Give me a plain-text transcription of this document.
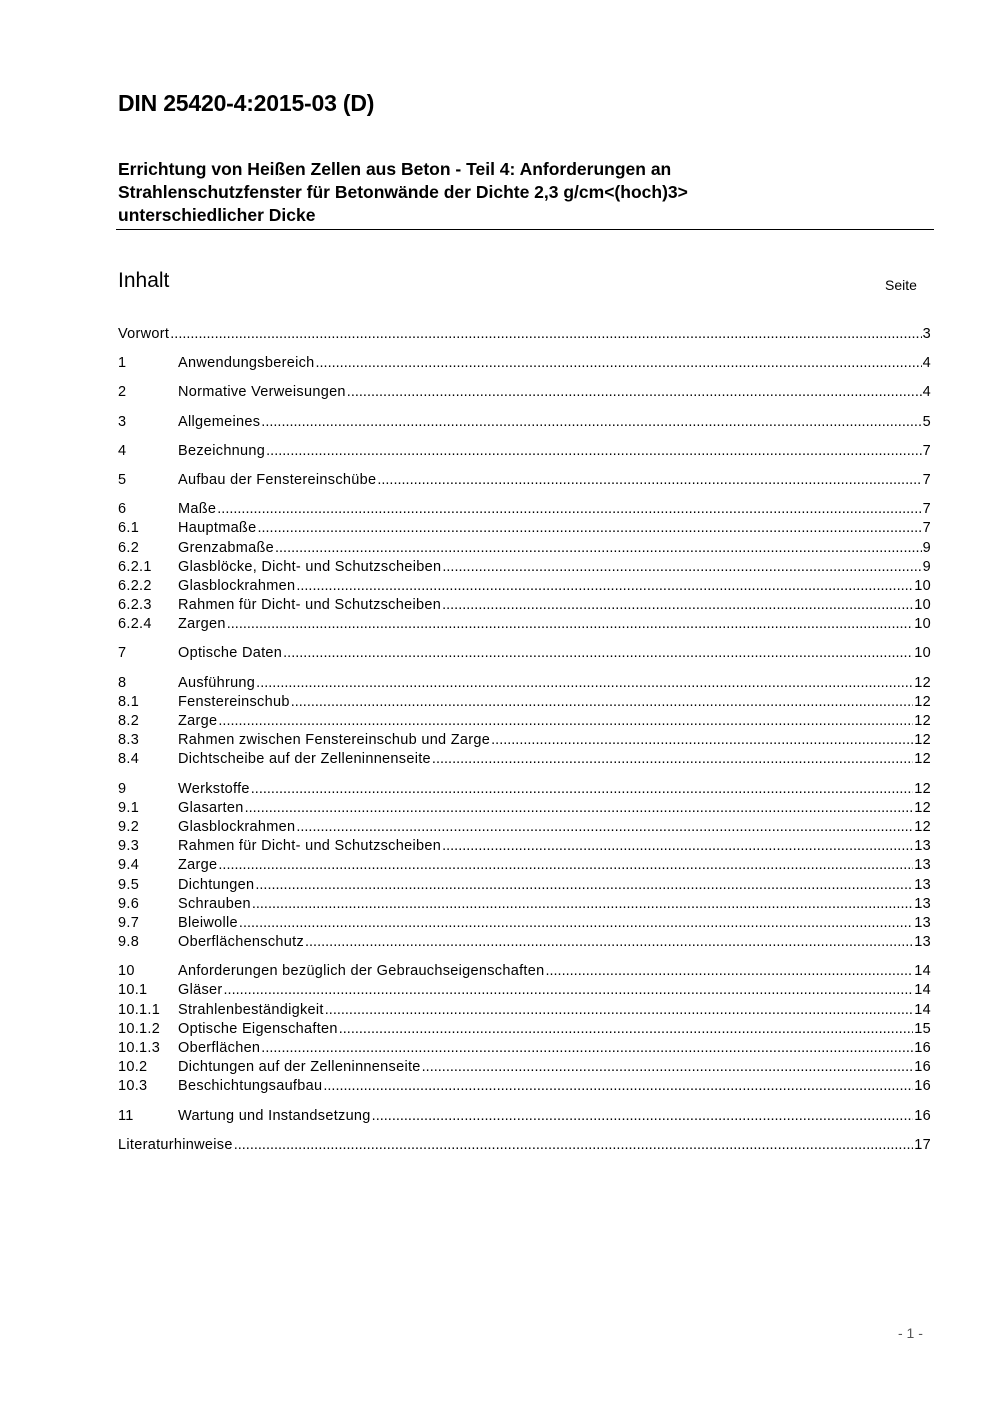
DIN 25420-4:2015-03 (D)
Errichtung von Heißen Zellen aus Beton - Teil 4: Anforderungen an
Strahlenschutzfenster für Betonwände der Dichte 2,3 g/cm<(hoch)3>
unterschiedlicher Dicke
Inhalt	Seite
Vorwort .....	3
1	Anwendungsbereich .....	4
2	Normative Verweisungen .....	4
3	Allgemeines .....	5
4	Bezeichnung .....	7
5	Aufbau der Fenstereinschübe .....	7
6	Maße .....	7
6.1	Hauptmaße .....	7
6.2	Grenzabmaße .....	9
6.2.1	Glasblöcke, Dicht- und Schutzscheiben .....	9
6.2.2	Glasblockrahmen .....	10
6.2.3	Rahmen für Dicht- und Schutzscheiben .....	10
6.2.4	Zargen .....	10
7	Optische Daten .....	10
8	Ausführung .....	12
8.1	Fenstereinschub .....	12
8.2	Zarge .....	12
8.3	Rahmen zwischen Fenstereinschub und Zarge .....	12
8.4	Dichtscheibe auf der Zelleninnenseite .....	12
9	Werkstoffe .....	12
9.1	Glasarten .....	12
9.2	Glasblockrahmen .....	12
9.3	Rahmen für Dicht- und Schutzscheiben .....	13
9.4	Zarge .....	13
9.5	Dichtungen .....	13
9.6	Schrauben .....	13
9.7	Bleiwolle .....	13
9.8	Oberflächenschutz .....	13
10	Anforderungen bezüglich der Gebrauchseigenschaften .....	14
10.1	Gläser .....	14
10.1.1	Strahlenbeständigkeit .....	14
10.1.2	Optische Eigenschaften .....	15
10.1.3	Oberflächen .....	16
10.2	Dichtungen auf der Zelleninnenseite .....	16
10.3	Beschichtungsaufbau .....	16
11	Wartung und Instandsetzung .....	16
Literaturhinweise .....	17
- 1 -
